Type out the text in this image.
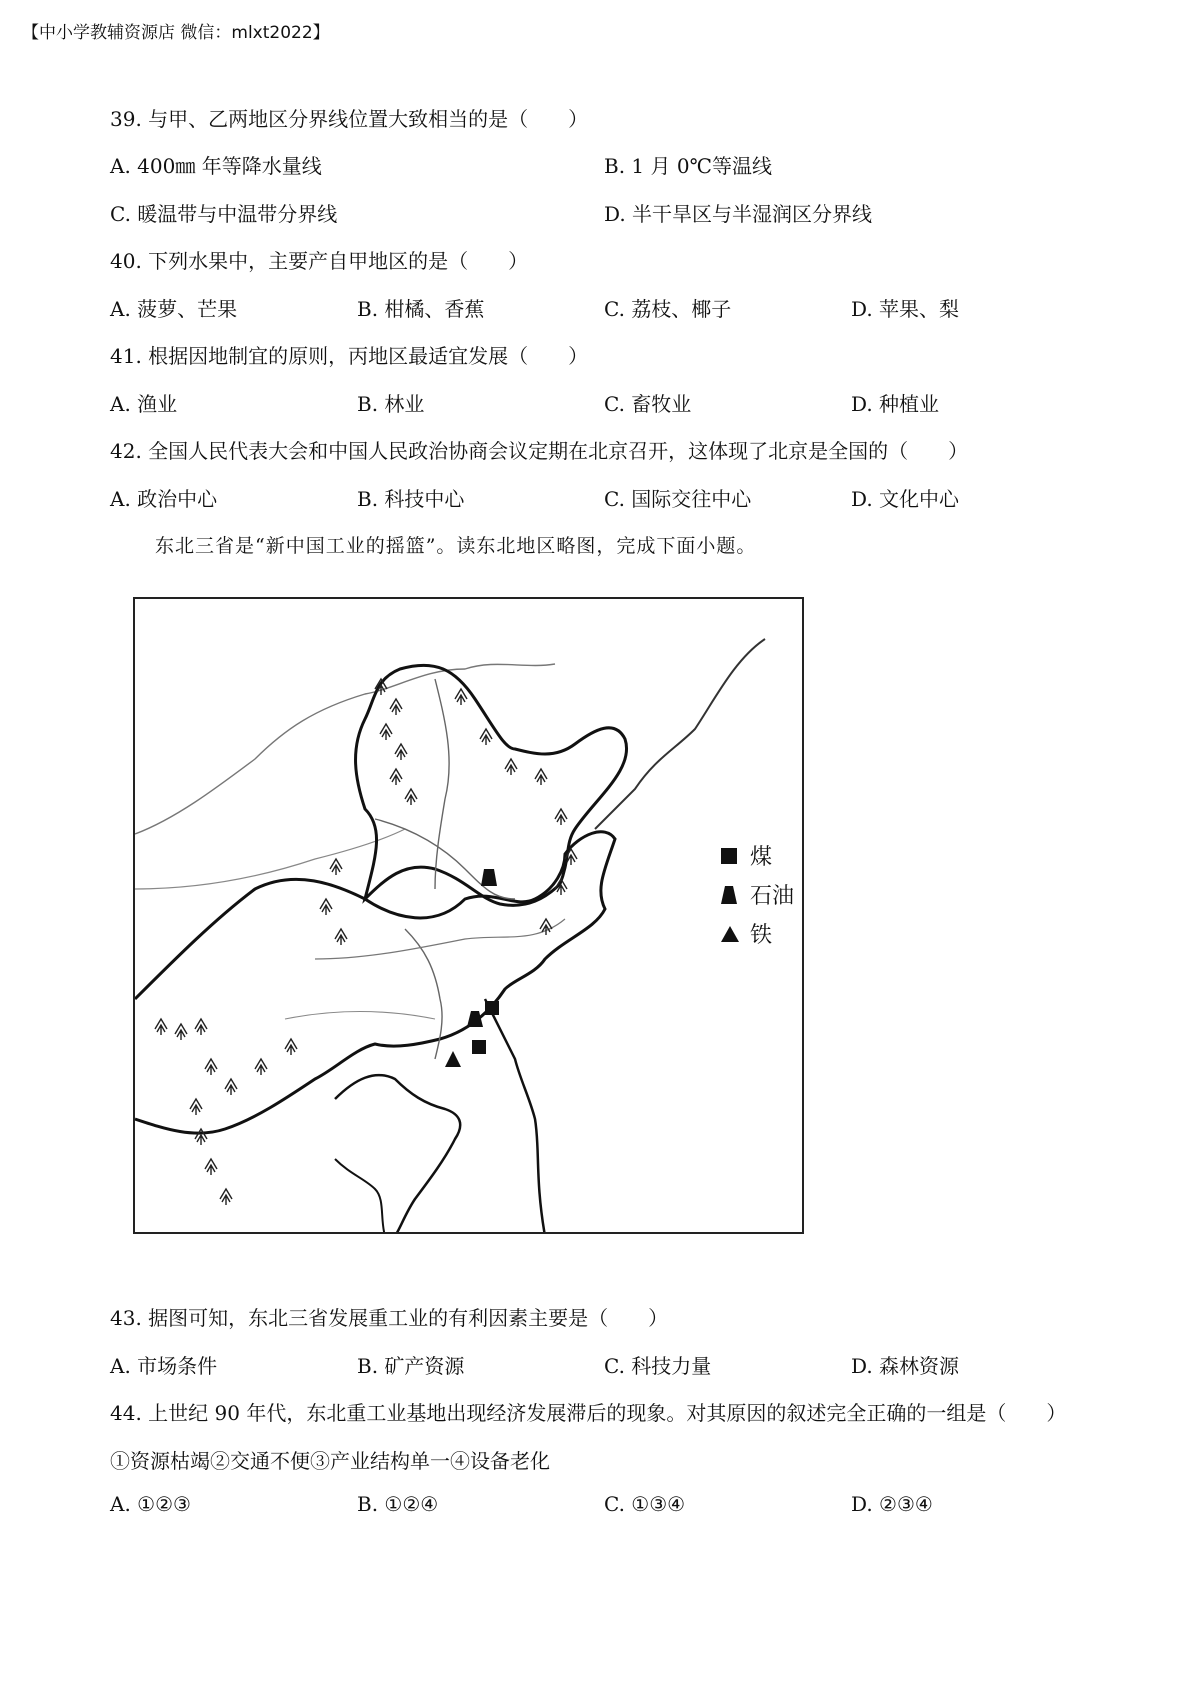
【中小学教辅资源店 微信：mlxt2022】
39. 与甲、乙两地区分界线位置大致相当的是（　　）
A. 400㎜ 年等降水量线	B. 1 月 0℃等温线
C. 暖温带与中温带分界线	D. 半干旱区与半湿润区分界线
40. 下列水果中，主要产自甲地区的是（　　）
A. 菠萝、芒果	B. 柑橘、香蕉	C. 荔枝、椰子	D. 苹果、梨
41. 根据因地制宜的原则，丙地区最适宜发展（　　）
A. 渔业	B. 林业	C. 畜牧业	D. 种植业
42. 全国人民代表大会和中国人民政治协商会议定期在北京召开，这体现了北京是全国的（　　）
A. 政治中心	B. 科技中心	C. 国际交往中心	D. 文化中心
东北三省是“新中国工业的摇篮”。读东北地区略图，完成下面小题。
煤
石油
铁
43. 据图可知，东北三省发展重工业的有利因素主要是（　　）
A. 市场条件	B. 矿产资源	C. 科技力量	D. 森林资源
44. 上世纪 90 年代，东北重工业基地出现经济发展滞后的现象。对其原因的叙述完全正确的一组是（　　）
①资源枯竭②交通不便③产业结构单一④设备老化
A. ①②③	B. ①②④	C. ①③④	D. ②③④
